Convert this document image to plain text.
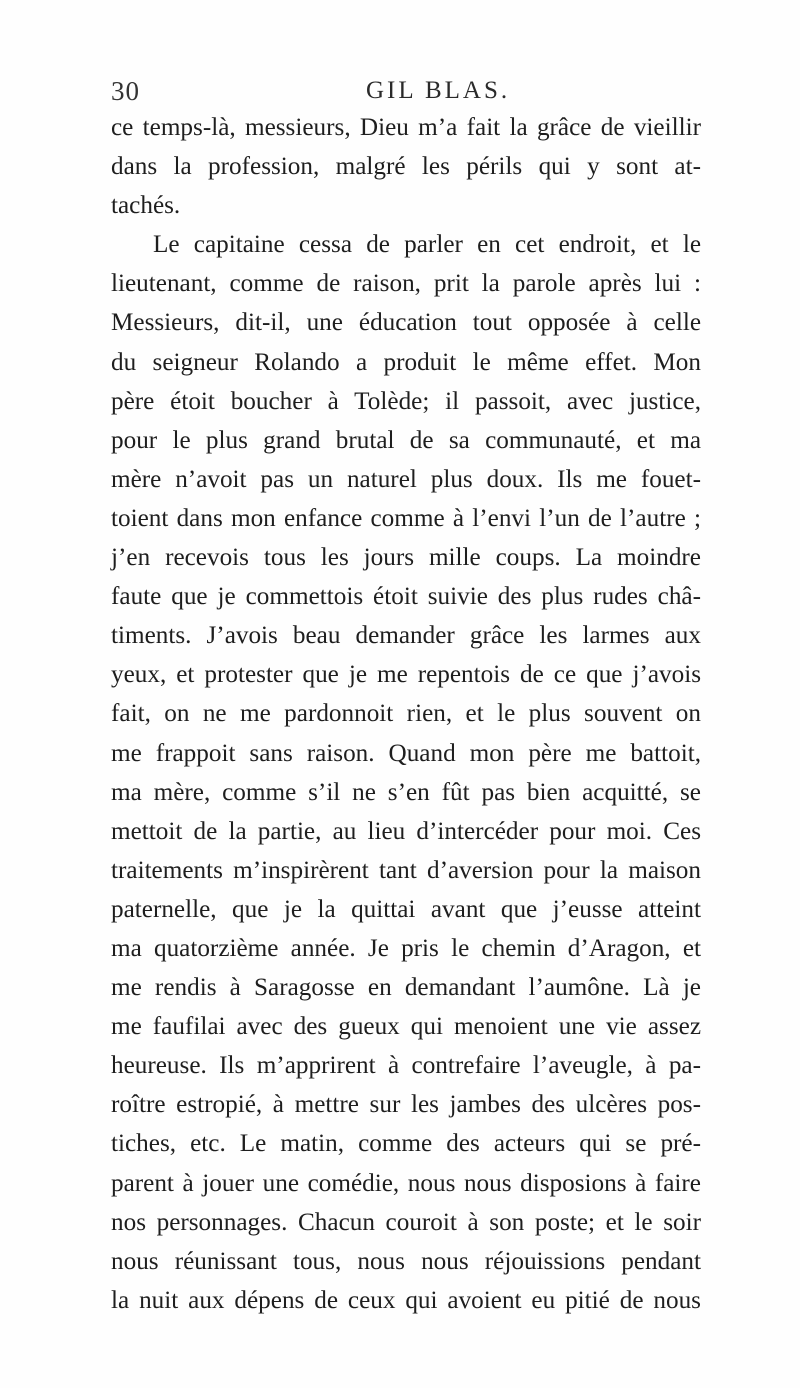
30	GIL BLAS.
ce temps-là, messieurs, Dieu m’a fait la grâce de vieillir
dans la profession, malgré les périls qui y sont at-
tachés.
Le capitaine cessa de parler en cet endroit, et le
lieutenant, comme de raison, prit la parole après lui :
Messieurs, dit-il, une éducation tout opposée à celle
du seigneur Rolando a produit le même effet. Mon
père étoit boucher à Tolède; il passoit, avec justice,
pour le plus grand brutal de sa communauté, et ma
mère n’avoit pas un naturel plus doux. Ils me fouet-
toient dans mon enfance comme à l’envi l’un de l’autre ;
j’en recevois tous les jours mille coups. La moindre
faute que je commettois étoit suivie des plus rudes châ-
timents. J’avois beau demander grâce les larmes aux
yeux, et protester que je me repentois de ce que j’avois
fait, on ne me pardonnoit rien, et le plus souvent on
me frappoit sans raison. Quand mon père me battoit,
ma mère, comme s’il ne s’en fût pas bien acquitté, se
mettoit de la partie, au lieu d’intercéder pour moi. Ces
traitements m’inspirèrent tant d’aversion pour la maison
paternelle, que je la quittai avant que j’eusse atteint
ma quatorzième année. Je pris le chemin d’Aragon, et
me rendis à Saragosse en demandant l’aumône. Là je
me faufilai avec des gueux qui menoient une vie assez
heureuse. Ils m’apprirent à contrefaire l’aveugle, à pa-
roître estropié, à mettre sur les jambes des ulcères pos-
tiches, etc. Le matin, comme des acteurs qui se pré-
parent à jouer une comédie, nous nous disposions à faire
nos personnages. Chacun couroit à son poste; et le soir
nous réunissant tous, nous nous réjouissions pendant
la nuit aux dépens de ceux qui avoient eu pitié de nous
